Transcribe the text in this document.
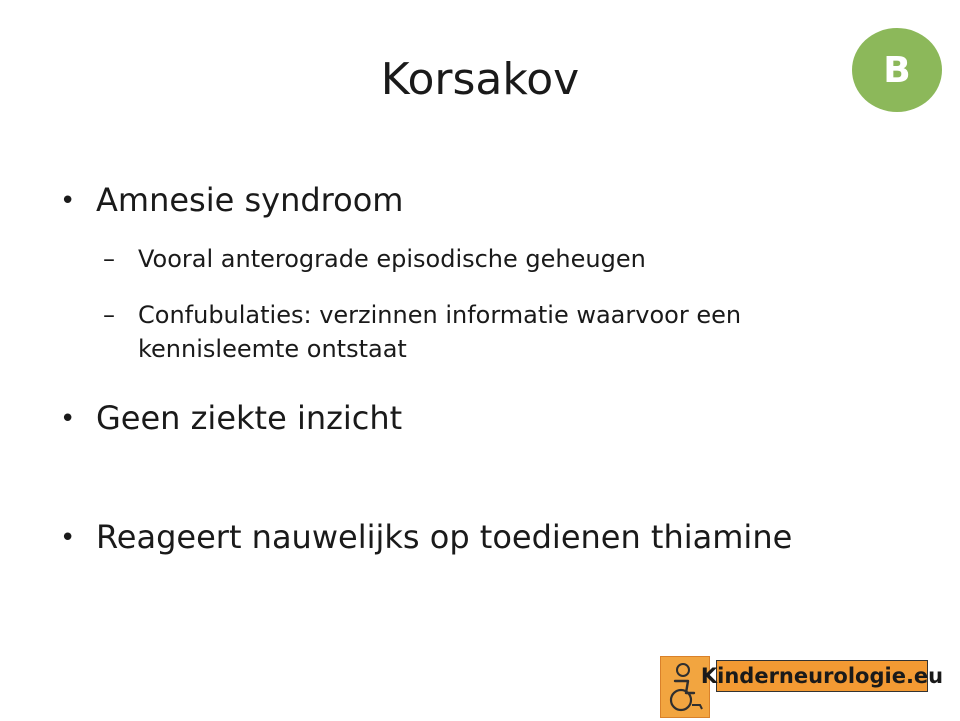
Korsakov	B
• Amnesie syndroom
– Vooral anterograde episodische geheugen
– Confubulaties: verzinnen informatie waarvoor een kennisleemte ontstaat
• Geen ziekte inzicht
• Reageert nauwelijks op toedienen thiamine
Kinderneurologie.eu
